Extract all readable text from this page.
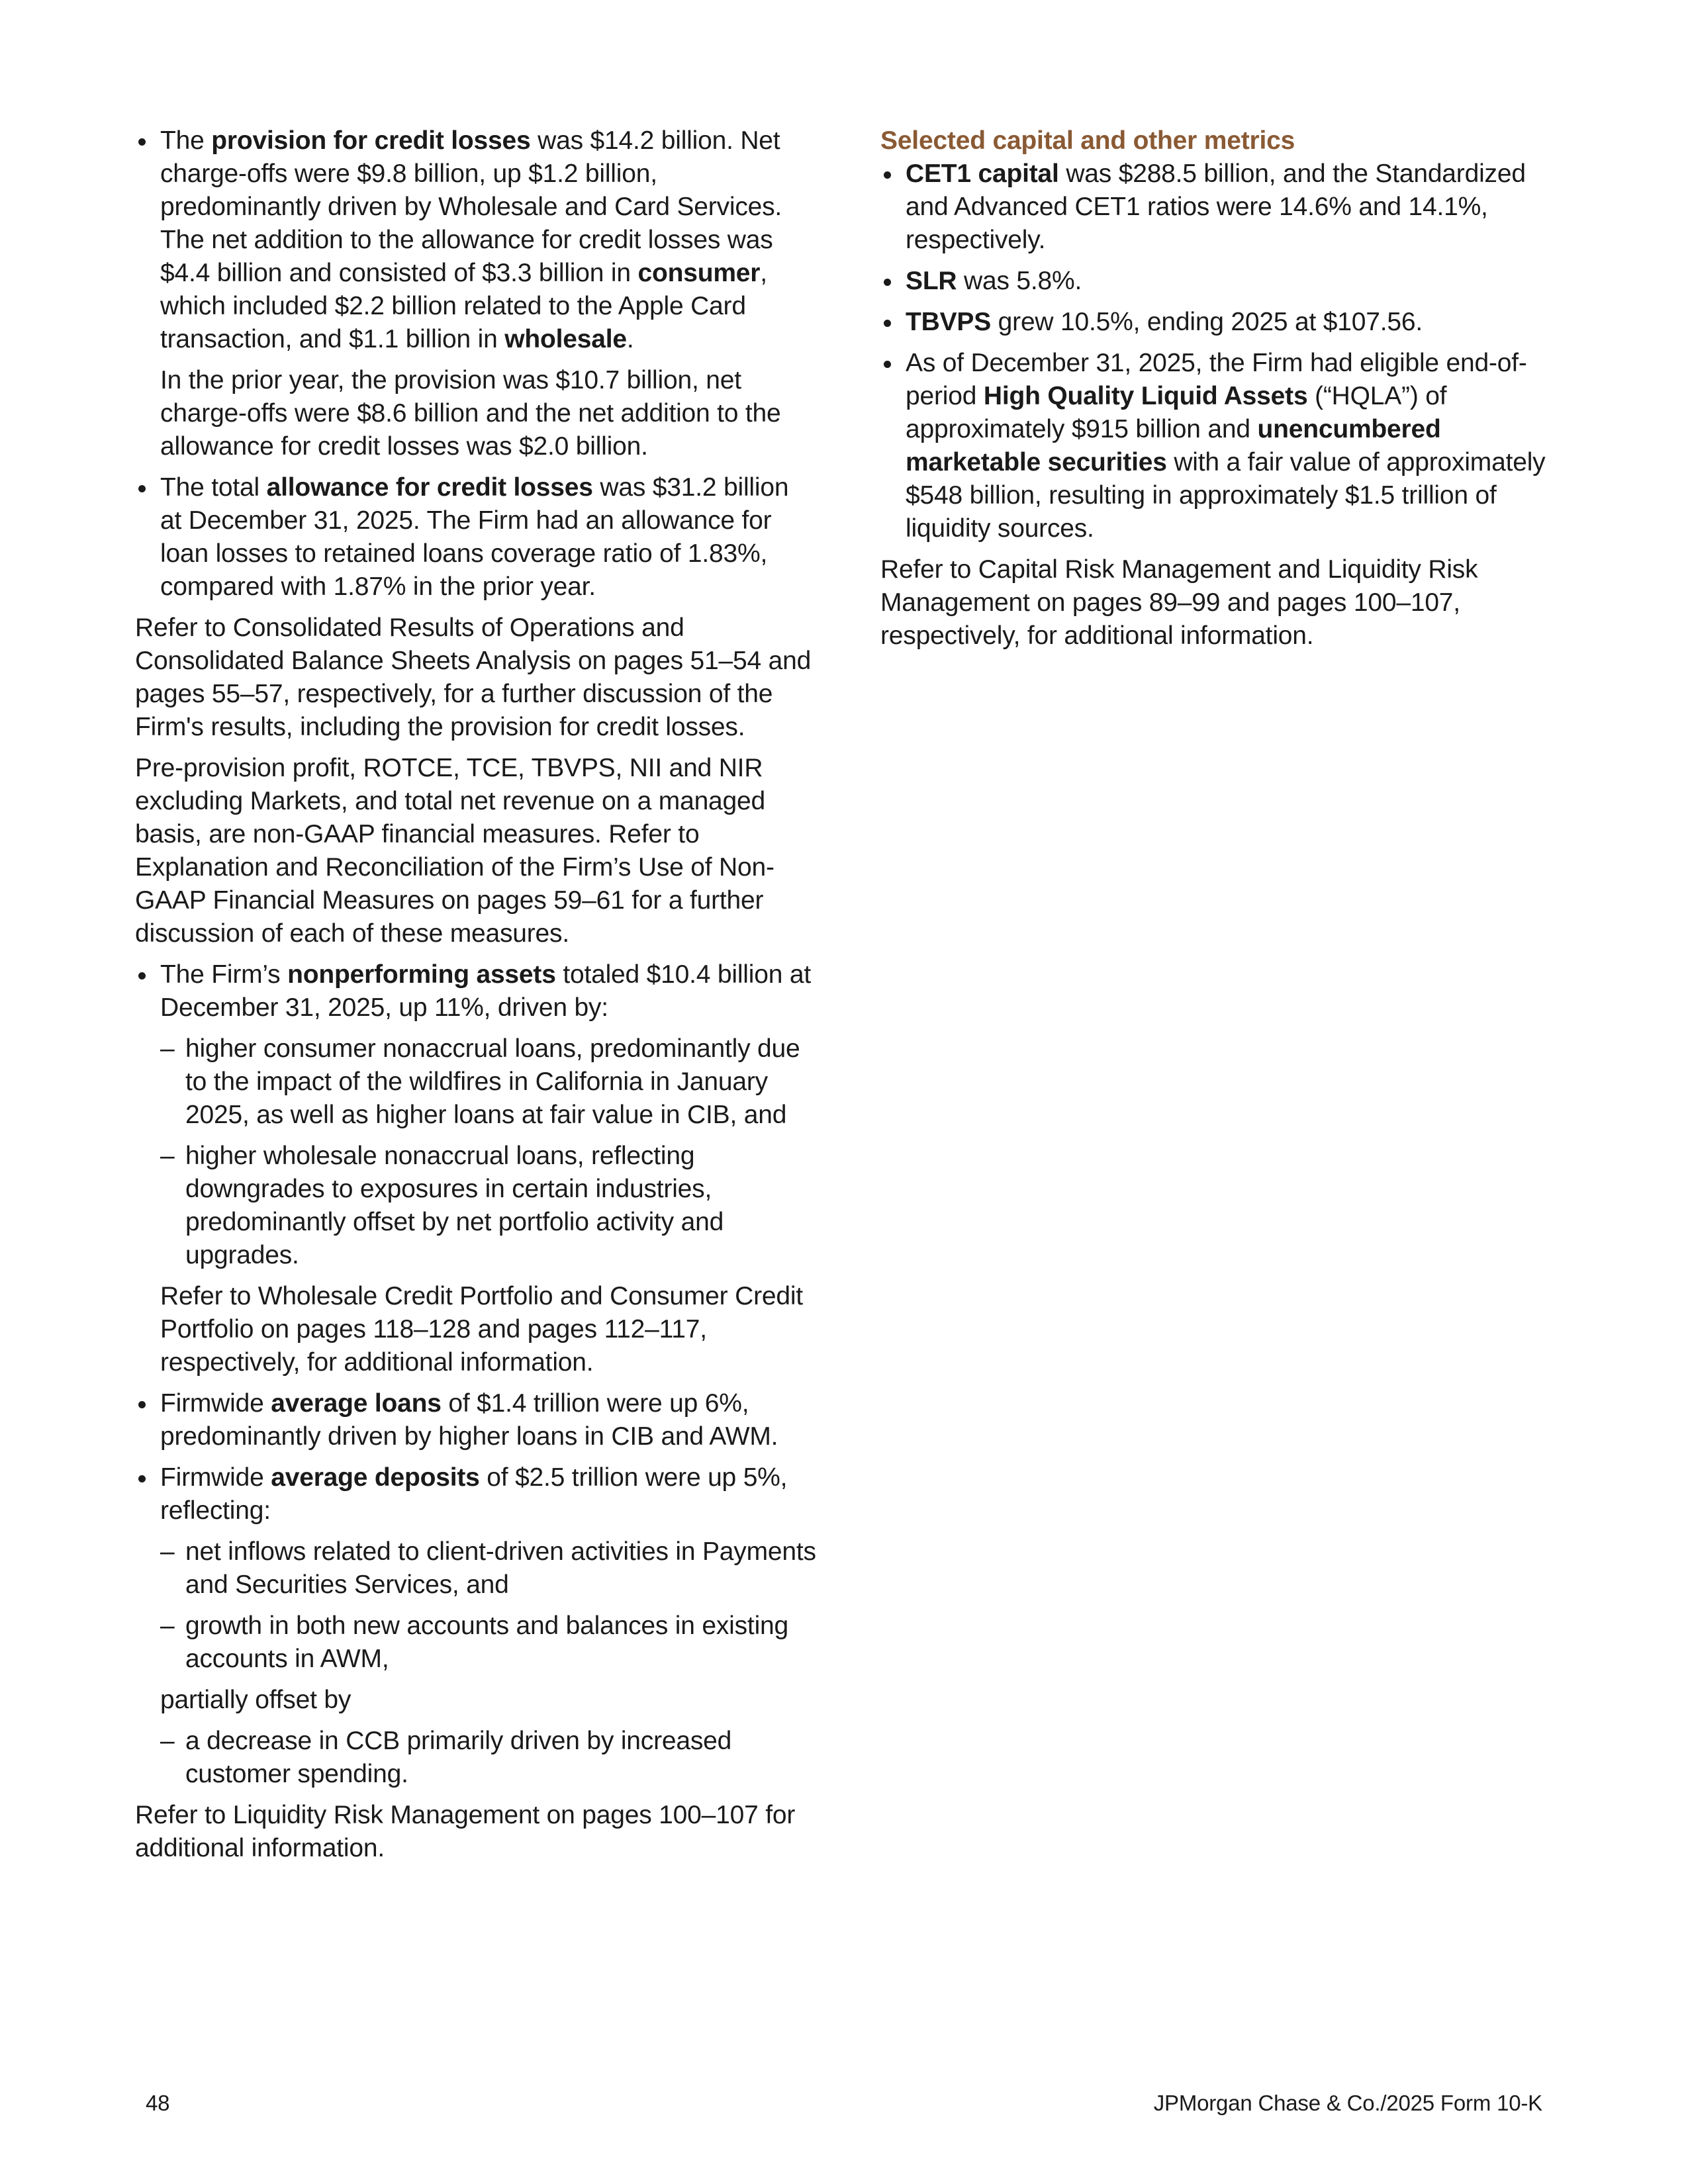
The provision for credit losses was $14.2 billion. Net charge-offs were $9.8 billion, up $1.2 billion, predominantly driven by Wholesale and Card Services. The net addition to the allowance for credit losses was $4.4 billion and consisted of $3.3 billion in consumer, which included $2.2 billion related to the Apple Card transaction, and $1.1 billion in wholesale.
In the prior year, the provision was $10.7 billion, net charge-offs were $8.6 billion and the net addition to the allowance for credit losses was $2.0 billion.
The total allowance for credit losses was $31.2 billion at December 31, 2025. The Firm had an allowance for loan losses to retained loans coverage ratio of 1.83%, compared with 1.87% in the prior year.
Refer to Consolidated Results of Operations and Consolidated Balance Sheets Analysis on pages 51–54 and pages 55–57, respectively, for a further discussion of the Firm's results, including the provision for credit losses.
Pre-provision profit, ROTCE, TCE, TBVPS, NII and NIR excluding Markets, and total net revenue on a managed basis, are non-GAAP financial measures. Refer to Explanation and Reconciliation of the Firm’s Use of Non-GAAP Financial Measures on pages 59–61 for a further discussion of each of these measures.
The Firm’s nonperforming assets totaled $10.4 billion at December 31, 2025, up 11%, driven by:
– higher consumer nonaccrual loans, predominantly due to the impact of the wildfires in California in January 2025, as well as higher loans at fair value in CIB, and
– higher wholesale nonaccrual loans, reflecting downgrades to exposures in certain industries, predominantly offset by net portfolio activity and upgrades.
Refer to Wholesale Credit Portfolio and Consumer Credit Portfolio on pages 118–128 and pages 112–117, respectively, for additional information.
Firmwide average loans of $1.4 trillion were up 6%, predominantly driven by higher loans in CIB and AWM.
Firmwide average deposits of $2.5 trillion were up 5%, reflecting:
– net inflows related to client-driven activities in Payments and Securities Services, and
– growth in both new accounts and balances in existing accounts in AWM,
partially offset by
– a decrease in CCB primarily driven by increased customer spending.
Refer to Liquidity Risk Management on pages 100–107 for additional information.
Selected capital and other metrics
CET1 capital was $288.5 billion, and the Standardized and Advanced CET1 ratios were 14.6% and 14.1%, respectively.
SLR was 5.8%.
TBVPS grew 10.5%, ending 2025 at $107.56.
As of December 31, 2025, the Firm had eligible end-of-period High Quality Liquid Assets (“HQLA”) of approximately $915 billion and unencumbered marketable securities with a fair value of approximately $548 billion, resulting in approximately $1.5 trillion of liquidity sources.
Refer to Capital Risk Management and Liquidity Risk Management on pages 89–99 and pages 100–107, respectively, for additional information.
48	JPMorgan Chase & Co./2025 Form 10-K
